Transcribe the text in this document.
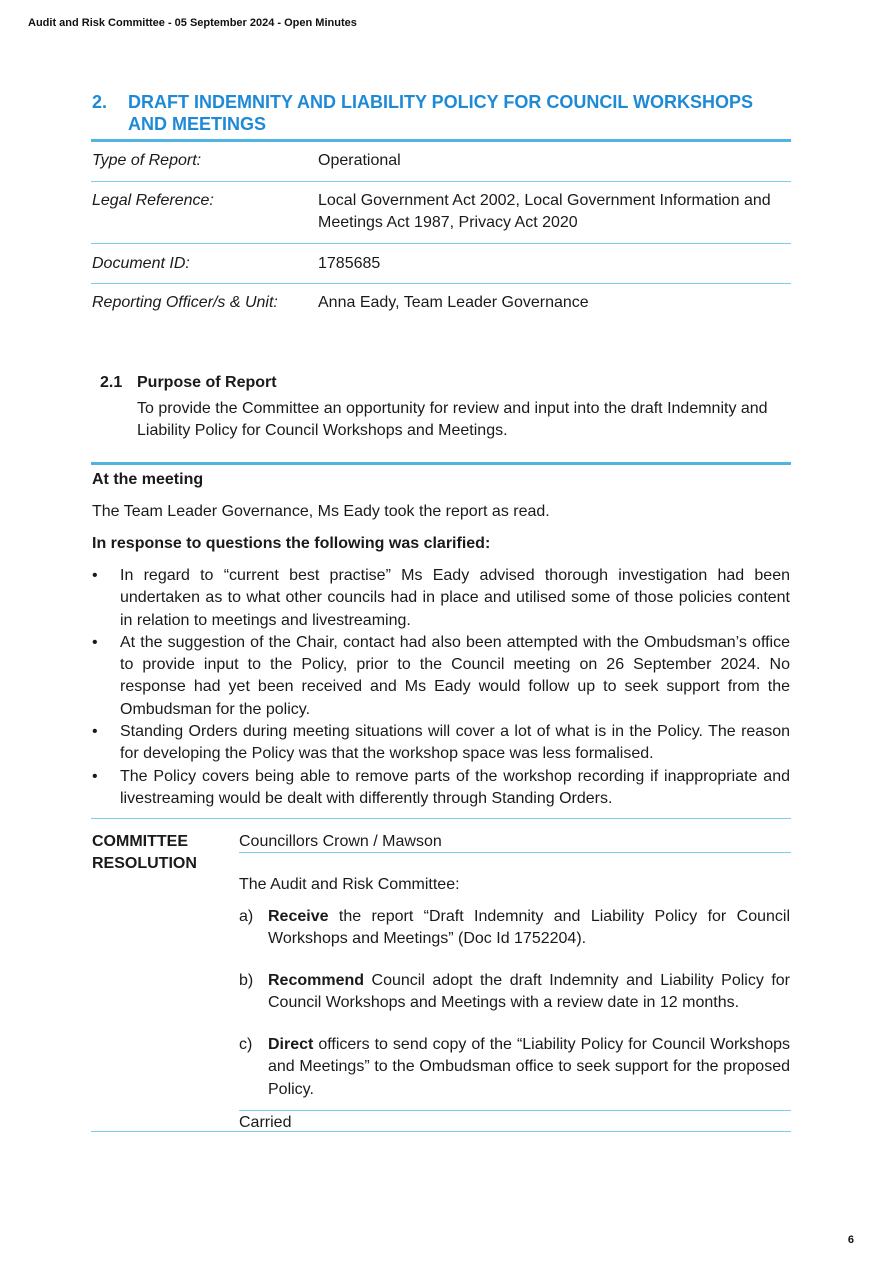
Audit and Risk Committee - 05 September 2024 - Open Minutes
2. DRAFT INDEMNITY AND LIABILITY POLICY FOR COUNCIL WORKSHOPS AND MEETINGS
Type of Report:	Operational
Legal Reference:	Local Government Act 2002, Local Government Information and Meetings Act 1987, Privacy Act 2020
Document ID:	1785685
Reporting Officer/s & Unit:	Anna Eady, Team Leader Governance
2.1 Purpose of Report
To provide the Committee an opportunity for review and input into the draft Indemnity and Liability Policy for Council Workshops and Meetings.
At the meeting
The Team Leader Governance, Ms Eady took the report as read.
In response to questions the following was clarified:
• In regard to “current best practise” Ms Eady advised thorough investigation had been undertaken as to what other councils had in place and utilised some of those policies content in relation to meetings and livestreaming.
• At the suggestion of the Chair, contact had also been attempted with the Ombudsman’s office to provide input to the Policy, prior to the Council meeting on 26 September 2024. No response had yet been received and Ms Eady would follow up to seek support from the Ombudsman for the policy.
• Standing Orders during meeting situations will cover a lot of what is in the Policy. The reason for developing the Policy was that the workshop space was less formalised.
• The Policy covers being able to remove parts of the workshop recording if inappropriate and livestreaming would be dealt with differently through Standing Orders.
COMMITTEE
RESOLUTION
Councillors Crown / Mawson
The Audit and Risk Committee:
a) Receive the report “Draft Indemnity and Liability Policy for Council Workshops and Meetings” (Doc Id 1752204).
b) Recommend Council adopt the draft Indemnity and Liability Policy for Council Workshops and Meetings with a review date in 12 months.
c) Direct officers to send copy of the “Liability Policy for Council Workshops and Meetings” to the Ombudsman office to seek support for the proposed Policy.
Carried
6
